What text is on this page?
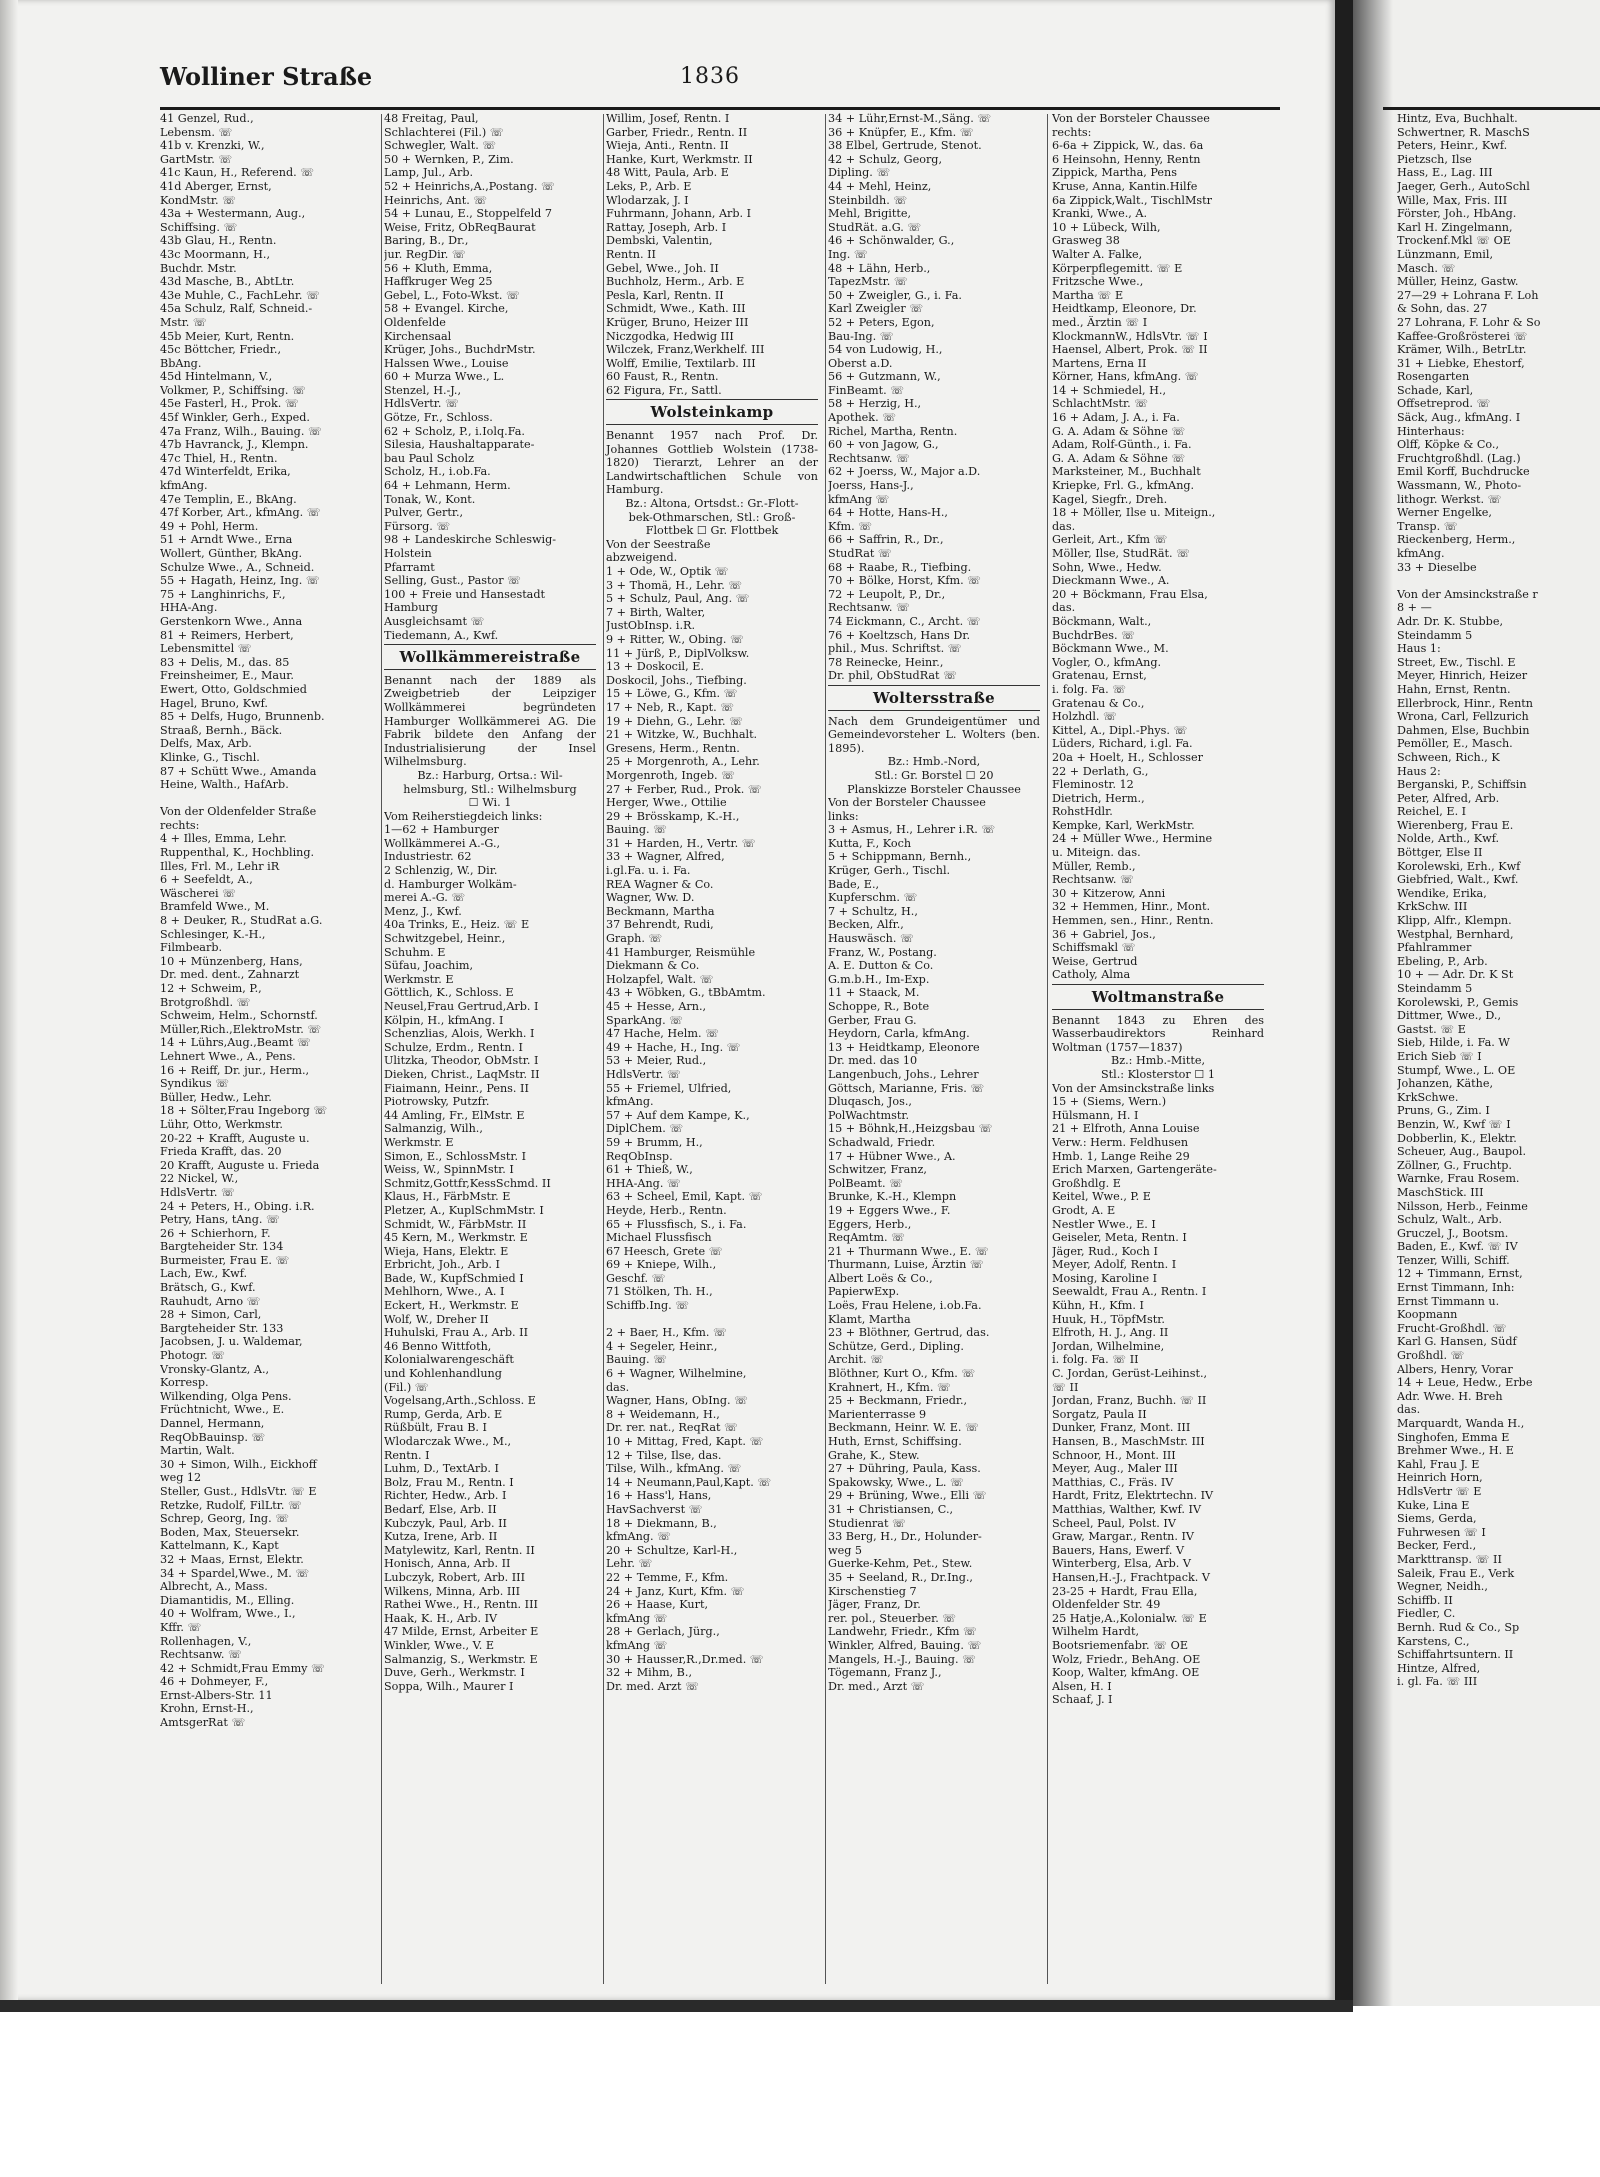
Wolliner Straße	1836
41 Genzel, Rud.,
Lebensm. ☏
41b v. Krenzki, W.,
GartMstr. ☏
41c Kaun, H., Referend. ☏
41d Aberger, Ernst,
KondMstr. ☏
43a + Westermann, Aug.,
Schiffsing. ☏
43b Glau, H., Rentn.
43c Moormann, H.,
Buchdr. Mstr.
43d Masche, B., AbtLtr.
43e Muhle, C., FachLehr. ☏
45a Schulz, Ralf, Schneid.-
Mstr. ☏
45b Meier, Kurt, Rentn.
45c Böttcher, Friedr.,
BbAng.
45d Hintelmann, V.,
Volkmer, P., Schiffsing. ☏
45e Fasterl, H., Prok. ☏
45f Winkler, Gerh., Exped.
47a Franz, Wilh., Bauing. ☏
47b Havranck, J., Klempn.
47c Thiel, H., Rentn.
47d Winterfeldt, Erika,
kfmAng.
47e Templin, E., BkAng.
47f Korber, Art., kfmAng. ☏
49 + Pohl, Herm.
51 + Arndt Wwe., Erna
Wollert, Günther, BkAng.
Schulze Wwe., A., Schneid.
55 + Hagath, Heinz, Ing. ☏
75 + Langhinrichs, F.,
HHA-Ang.
Gerstenkorn Wwe., Anna
81 + Reimers, Herbert,
Lebensmittel ☏
83 + Delis, M., das. 85
Freinsheimer, E., Maur.
Ewert, Otto, Goldschmied
Hagel, Bruno, Kwf.
85 + Delfs, Hugo, Brunnenb.
Straaß, Bernh., Bäck.
Delfs, Max, Arb.
Klinke, G., Tischl.
87 + Schütt Wwe., Amanda
Heine, Walth., HafArb.

Von der Oldenfelder Straße
rechts:
4 + Illes, Emma, Lehr.
Ruppenthal, K., Hochbling.
Illes, Frl. M., Lehr iR
6 + Seefeldt, A.,
Wäscherei ☏
Bramfeld Wwe., M.
8 + Deuker, R., StudRat a.G.
Schlesinger, K.-H.,
Filmbearb.
10 + Münzenberg, Hans,
Dr. med. dent., Zahnarzt
12 + Schweim, P.,
Brotgroßhdl. ☏
Schweim, Helm., Schornstf.
Müller,Rich.,ElektroMstr. ☏
14 + Lührs,Aug.,Beamt ☏
Lehnert Wwe., A., Pens.
16 + Reiff, Dr. jur., Herm.,
Syndikus ☏
Büller, Hedw., Lehr.
18 + Sölter,Frau Ingeborg ☏
Lühr, Otto, Werkmstr.
20-22 + Krafft, Auguste u.
Frieda Krafft, das. 20
20 Krafft, Auguste u. Frieda
22 Nickel, W.,
HdlsVertr. ☏
24 + Peters, H., Obing. i.R.
Petry, Hans, tAng. ☏
26 + Schierhorn, F.
Bargteheider Str. 134
Burmeister, Frau E. ☏
Lach, Ew., Kwf.
Brätsch, G., Kwf.
Rauhudt, Arno ☏
28 + Simon, Carl,
Bargteheider Str. 133
Jacobsen, J. u. Waldemar,
Photogr. ☏
Vronsky-Glantz, A.,
Korresp.
Wilkending, Olga Pens.
Früchtnicht, Wwe., E.
Dannel, Hermann,
ReqObBauinsp. ☏
Martin, Walt.
30 + Simon, Wilh., Eickhoff
weg 12
Steller, Gust., HdlsVtr. ☏ E
Retzke, Rudolf, FilLtr. ☏
Schrep, Georg, Ing. ☏
Boden, Max, Steuersekr.
Kattelmann, K., Kapt
32 + Maas, Ernst, Elektr.
34 + Spardel,Wwe., M. ☏
Albrecht, A., Mass.
Diamantidis, M., Elling.
40 + Wolfram, Wwe., I.,
Kffr. ☏
Rollenhagen, V.,
Rechtsanw. ☏
42 + Schmidt,Frau Emmy ☏
46 + Dohmeyer, F.,
Ernst-Albers-Str. 11
Krohn, Ernst-H.,
AmtsgerRat ☏
48 Freitag, Paul,
Schlachterei (Fil.) ☏
Schwegler, Walt. ☏
50 + Wernken, P., Zim.
Lamp, Jul., Arb.
52 + Heinrichs,A.,Postang. ☏
Heinrichs, Ant. ☏
54 + Lunau, E., Stoppelfeld 7
Weise, Fritz, ObReqBaurat
Baring, B., Dr.,
jur. RegDir. ☏
56 + Kluth, Emma,
Haffkruger Weg 25
Gebel, L., Foto-Wkst. ☏
58 + Evangel. Kirche,
Oldenfelde
Kirchensaal
Krüger, Johs., BuchdrMstr.
Halssen Wwe., Louise
60 + Murza Wwe., L.
Stenzel, H.-J.,
HdlsVertr. ☏
Götze, Fr., Schloss.
62 + Scholz, P., i.Iolq.Fa.
Silesia, Haushaltapparate-
bau Paul Scholz
Scholz, H., i.ob.Fa.
64 + Lehmann, Herm.
Tonak, W., Kont.
Pulver, Gertr.,
Fürsorg. ☏
98 + Landeskirche Schleswig-
Holstein
Pfarramt
Selling, Gust., Pastor ☏
100 + Freie und Hansestadt
Hamburg
Ausgleichsamt ☏
Tiedemann, A., Kwf.
Wollkämmereistraße
Benannt nach der 1889 als Zweigbetrieb der Leipziger Wollkämmerei begründeten Hamburger Wollkämmerei AG. Die Fabrik bildete den Anfang der Industrialisierung der Insel Wilhelmsburg.
Bz.: Harburg, Ortsa.: Wil-
helmsburg, Stl.: Wilhelmsburg
☐ Wi. 1
Vom Reiherstiegdeich links:
1—62 + Hamburger
Wollkämmerei A.-G.,
Industriestr. 62
2 Schlenzig, W., Dir.
d. Hamburger Wolkäm-
merei A.-G. ☏
Menz, J., Kwf.
40a Trinks, E., Heiz. ☏ E
Schwitzgebel, Heinr.,
Schuhm. E
Süfau, Joachim,
Werkmstr. E
Göttlich, K., Schloss. E
Neusel,Frau Gertrud,Arb. I
Kölpin, H., kfmAng. I
Schenzlias, Alois, Werkh. I
Schulze, Erdm., Rentn. I
Ulitzka, Theodor, ObMstr. I
Dieken, Christ., LaqMstr. II
Fiaimann, Heinr., Pens. II
Piotrowsky, Putzfr.
44 Amling, Fr., ElMstr. E
Salmanzig, Wilh.,
Werkmstr. E
Simon, E., SchlossMstr. I
Weiss, W., SpinnMstr. I
Schmitz,Gottfr,KessSchmd. II
Klaus, H., FärbMstr. E
Pletzer, A., KuplSchmMstr. I
Schmidt, W., FärbMstr. II
45 Kern, M., Werkmstr. E
Wieja, Hans, Elektr. E
Erbricht, Joh., Arb. I
Bade, W., KupfSchmied I
Mehlhorn, Wwe., A. I
Eckert, H., Werkmstr. E
Wolf, W., Dreher II
Huhulski, Frau A., Arb. II
46 Benno Wittfoth,
Kolonialwarengeschäft
und Kohlenhandlung
(Fil.) ☏
Vogelsang,Arth.,Schloss. E
Rump, Gerda, Arb. E
Rüßbült, Frau B. I
Wlodarczak Wwe., M.,
Rentn. I
Luhm, D., TextArb. I
Bolz, Frau M., Rentn. I
Richter, Hedw., Arb. I
Bedarf, Else, Arb. II
Kubczyk, Paul, Arb. II
Kutza, Irene, Arb. II
Matylewitz, Karl, Rentn. II
Honisch, Anna, Arb. II
Lubczyk, Robert, Arb. III
Wilkens, Minna, Arb. III
Rathei Wwe., H., Rentn. III
Haak, K. H., Arb. IV
47 Milde, Ernst, Arbeiter E
Winkler, Wwe., V. E
Salmanzig, S., Werkmstr. E
Duve, Gerh., Werkmstr. I
Soppa, Wilh., Maurer I
Willim, Josef, Rentn. I
Garber, Friedr., Rentn. II
Wieja, Anti., Rentn. II
Hanke, Kurt, Werkmstr. II
48 Witt, Paula, Arb. E
Leks, P., Arb. E
Wlodarzak, J. I
Fuhrmann, Johann, Arb. I
Rattay, Joseph, Arb. I
Dembski, Valentin,
Rentn. II
Gebel, Wwe., Joh. II
Buchholz, Herm., Arb. E
Pesla, Karl, Rentn. II
Schmidt, Wwe., Kath. III
Krüger, Bruno, Heizer III
Niczgodka, Hedwig III
Wilczek, Franz,Werkhelf. III
Wolff, Emilie, Textilarb. III
60 Faust, R., Rentn.
62 Figura, Fr., Sattl.
Wolsteinkamp
Benannt 1957 nach Prof. Dr. Johannes Gottlieb Wolstein (1738-1820) Tierarzt, Lehrer an der Landwirtschaftlichen Schule von Hamburg.
Bz.: Altona, Ortsdst.: Gr.-Flott-
bek-Othmarschen, Stl.: Groß-
Flottbek ☐ Gr. Flottbek
Von der Seestraße
abzweigend.
1 + Ode, W., Optik ☏
3 + Thomä, H., Lehr. ☏
5 + Schulz, Paul, Ang. ☏
7 + Birth, Walter,
JustObInsp. i.R.
9 + Ritter, W., Obing. ☏
11 + Jürß, P., DiplVolksw.
13 + Doskocil, E.
Doskocil, Johs., Tiefbing.
15 + Löwe, G., Kfm. ☏
17 + Neb, R., Kapt. ☏
19 + Diehn, G., Lehr. ☏
21 + Witzke, W., Buchhalt.
Gresens, Herm., Rentn.
25 + Morgenroth, A., Lehr.
Morgenroth, Ingeb. ☏
27 + Ferber, Rud., Prok. ☏
Herger, Wwe., Ottilie
29 + Brösskamp, K.-H.,
Bauing. ☏
31 + Harden, H., Vertr. ☏
33 + Wagner, Alfred,
i.gl.Fa. u. i. Fa.
REA Wagner & Co.
Wagner, Ww. D.
Beckmann, Martha
37 Behrendt, Rudi,
Graph. ☏
41 Hamburger, Reismühle
Diekmann & Co.
Holzapfel, Walt. ☏
43 + Wöbken, G., tBbAmtm.
45 + Hesse, Arn.,
SparkAng. ☏
47 Hache, Helm. ☏
49 + Hache, H., Ing. ☏
53 + Meier, Rud.,
HdlsVertr. ☏
55 + Friemel, Ulfried,
kfmAng.
57 + Auf dem Kampe, K.,
DiplChem. ☏
59 + Brumm, H.,
ReqObInsp.
61 + Thieß, W.,
HHA-Ang. ☏
63 + Scheel, Emil, Kapt. ☏
Heyde, Herb., Rentn.
65 + Flussfisch, S., i. Fa.
Michael Flussfisch
67 Heesch, Grete ☏
69 + Kniepe, Wilh.,
Geschf. ☏
71 Stölken, Th. H.,
Schiffb.Ing. ☏

2 + Baer, H., Kfm. ☏
4 + Segeler, Heinr.,
Bauing. ☏
6 + Wagner, Wilhelmine,
das.
Wagner, Hans, ObIng. ☏
8 + Weidemann, H.,
Dr. rer. nat., ReqRat ☏
10 + Mittag, Fred, Kapt. ☏
12 + Tilse, Ilse, das.
Tilse, Wilh., kfmAng. ☏
14 + Neumann,Paul,Kapt. ☏
16 + Hass'l, Hans,
HavSachverst ☏
18 + Diekmann, B.,
kfmAng. ☏
20 + Schultze, Karl-H.,
Lehr. ☏
22 + Temme, F., Kfm.
24 + Janz, Kurt, Kfm. ☏
26 + Haase, Kurt,
kfmAng ☏
28 + Gerlach, Jürg.,
kfmAng ☏
30 + Hausser,R.,Dr.med. ☏
32 + Mihm, B.,
Dr. med. Arzt ☏
34 + Lühr,Ernst-M.,Säng. ☏
36 + Knüpfer, E., Kfm. ☏
38 Elbel, Gertrude, Stenot.
42 + Schulz, Georg,
Dipling. ☏
44 + Mehl, Heinz,
Steinbildh. ☏
Mehl, Brigitte,
StudRät. a.G. ☏
46 + Schönwalder, G.,
Ing. ☏
48 + Lähn, Herb.,
TapezMstr. ☏
50 + Zweigler, G., i. Fa.
Karl Zweigler ☏
52 + Peters, Egon,
Bau-Ing. ☏
54 von Ludowig, H.,
Oberst a.D.
56 + Gutzmann, W.,
FinBeamt. ☏
58 + Herzig, H.,
Apothek. ☏
Richel, Martha, Rentn.
60 + von Jagow, G.,
Rechtsanw. ☏
62 + Joerss, W., Major a.D.
Joerss, Hans-J.,
kfmAng ☏
64 + Hotte, Hans-H.,
Kfm. ☏
66 + Saffrin, R., Dr.,
StudRat ☏
68 + Raabe, R., Tiefbing.
70 + Bölke, Horst, Kfm. ☏
72 + Leupolt, P., Dr.,
Rechtsanw. ☏
74 Eickmann, C., Archt. ☏
76 + Koeltzsch, Hans Dr.
phil., Mus. Schriftst. ☏
78 Reinecke, Heinr.,
Dr. phil, ObStudRat ☏
Woltersstraße
Nach dem Grundeigentümer und Gemeindevorsteher L. Wolters (ben. 1895).
Bz.: Hmb.-Nord,
Stl.: Gr. Borstel ☐ 20
Planskizze Borsteler Chaussee
Von der Borsteler Chaussee
links:
3 + Asmus, H., Lehrer i.R. ☏
Kutta, F., Koch
5 + Schippmann, Bernh.,
Krüger, Gerh., Tischl.
Bade, E.,
Kupferschm. ☏
7 + Schultz, H.,
Becken, Alfr.,
Hauswäsch. ☏
Franz, W., Postang.
A. E. Dutton & Co.
G.m.b.H., Im-Exp.
11 + Staack, M.
Schoppe, R., Bote
Gerber, Frau G.
Heydorn, Carla, kfmAng.
13 + Heidtkamp, Eleonore
Dr. med. das 10
Langenbuch, Johs., Lehrer
Göttsch, Marianne, Fris. ☏
Dluqasch, Jos.,
PolWachtmstr.
15 + Böhnk,H.,Heizgsbau ☏
Schadwald, Friedr.
17 + Hübner Wwe., A.
Schwitzer, Franz,
PolBeamt. ☏
Brunke, K.-H., Klempn
19 + Eggers Wwe., F.
Eggers, Herb.,
ReqAmtm. ☏
21 + Thurmann Wwe., E. ☏
Thurmann, Luise, Ärztin ☏
Albert Loës & Co.,
PapierwExp.
Loës, Frau Helene, i.ob.Fa.
Klamt, Martha
23 + Blöthner, Gertrud, das.
Schütze, Gerd., Dipling.
Archit. ☏
Blöthner, Kurt O., Kfm. ☏
Krahnert, H., Kfm. ☏
25 + Beckmann, Friedr.,
Marienterrasse 9
Beckmann, Heinr. W. E. ☏
Huth, Ernst, Schiffsing.
Grahe, K., Stew.
27 + Dühring, Paula, Kass.
Spakowsky, Wwe., L. ☏
29 + Brüning, Wwe., Elli ☏
31 + Christiansen, C.,
Studienrat ☏
33 Berg, H., Dr., Holunder-
weg 5
Guerke-Kehm, Pet., Stew.
35 + Seeland, R., Dr.Ing.,
Kirschenstieg 7
Jäger, Franz, Dr.
rer. pol., Steuerber. ☏
Landwehr, Friedr., Kfm ☏
Winkler, Alfred, Bauing. ☏
Mangels, H.-J., Bauing. ☏
Tögemann, Franz J.,
Dr. med., Arzt ☏
Von der Borsteler Chaussee
rechts:
6-6a + Zippick, W., das. 6a
6 Heinsohn, Henny, Rentn
Zippick, Martha, Pens
Kruse, Anna, Kantin.Hilfe
6a Zippick,Walt., TischlMstr
Kranki, Wwe., A.
10 + Lübeck, Wilh,
Grasweg 38
Walter A. Falke,
Körperpflegemitt. ☏ E
Fritzsche Wwe.,
Martha ☏ E
Heidtkamp, Eleonore, Dr.
med., Ärztin ☏ I
KlockmannW., HdlsVtr. ☏ I
Haensel, Albert, Prok. ☏ II
Martens, Erna II
Körner, Hans, kfmAng. ☏
14 + Schmiedel, H.,
SchlachtMstr. ☏
16 + Adam, J. A., i. Fa.
G. A. Adam & Söhne ☏
Adam, Rolf-Günth., i. Fa.
G. A. Adam & Söhne ☏
Marksteiner, M., Buchhalt
Kriepke, Frl. G., kfmAng.
Kagel, Siegfr., Dreh.
18 + Möller, Ilse u. Miteign.,
das.
Gerleit, Art., Kfm ☏
Möller, Ilse, StudRät. ☏
Sohn, Wwe., Hedw.
Dieckmann Wwe., A.
20 + Böckmann, Frau Elsa,
das.
Böckmann, Walt.,
BuchdrBes. ☏
Böckmann Wwe., M.
Vogler, O., kfmAng.
Gratenau, Ernst,
i. folg. Fa. ☏
Gratenau & Co.,
Holzhdl. ☏
Kittel, A., Dipl.-Phys. ☏
Lüders, Richard, i.gl. Fa.
20a + Hoelt, H., Schlosser
22 + Derlath, G.,
Fleminostr. 12
Dietrich, Herm.,
RohstHdlr.
Kempke, Karl, WerkMstr.
24 + Müller Wwe., Hermine
u. Miteign. das.
Müller, Remb.,
Rechtsanw. ☏
30 + Kitzerow, Anni
32 + Hemmen, Hinr., Mont.
Hemmen, sen., Hinr., Rentn.
36 + Gabriel, Jos.,
Schiffsmakl ☏
Weise, Gertrud
Catholy, Alma
Woltmanstraße
Benannt 1843 zu Ehren des Wasserbaudirektors Reinhard Woltman (1757—1837)
Bz.: Hmb.-Mitte,
Stl.: Klosterstor ☐ 1
Von der Amsinckstraße links
15 + (Siems, Wern.)
Hülsmann, H. I
21 + Elfroth, Anna Louise
Verw.: Herm. Feldhusen
Hmb. 1, Lange Reihe 29
Erich Marxen, Gartengeräte-
Großhdlg. E
Keitel, Wwe., P. E
Grodt, A. E
Nestler Wwe., E. I
Geiseler, Meta, Rentn. I
Jäger, Rud., Koch I
Meyer, Adolf, Rentn. I
Mosing, Karoline I
Seewaldt, Frau A., Rentn. I
Kühn, H., Kfm. I
Huuk, H., TöpfMstr.
Elfroth, H. J., Ang. II
Jordan, Wilhelmine,
i. folg. Fa. ☏ II
C. Jordan, Gerüst-Leihinst.,
☏ II
Jordan, Franz, Buchh. ☏ II
Sorgatz, Paula II
Dunker, Franz, Mont. III
Hansen, B., MaschMstr. III
Schnoor, H., Mont. III
Meyer, Aug., Maler III
Matthias, C., Fräs. IV
Hardt, Fritz, Elektrtechn. IV
Matthias, Walther, Kwf. IV
Scheel, Paul, Polst. IV
Graw, Margar., Rentn. IV
Bauers, Hans, Ewerf. V
Winterberg, Elsa, Arb. V
Hansen,H.-J., Frachtpack. V
23-25 + Hardt, Frau Ella,
Oldenfelder Str. 49
25 Hatje,A.,Kolonialw. ☏ E
Wilhelm Hardt,
Bootsriemenfabr. ☏ OE
Wolz, Friedr., BehAng. OE
Koop, Walter, kfmAng. OE
Alsen, H. I
Schaaf, J. I
Hintz, Eva, Buchhalt.
Schwertner, R. MaschS
Peters, Heinr., Kwf.
Pietzsch, Ilse
Hass, E., Lag. III
Jaeger, Gerh., AutoSchl
Wille, Max, Fris. III
Förster, Joh., HbAng.
Karl H. Zingelmann,
Trockenf.Mkl ☏ OE
Lünzmann, Emil,
Masch. ☏
Müller, Heinz, Gastw.
27—29 + Lohrana F. Loh
& Sohn, das. 27
27 Lohrana, F. Lohr & So
Kaffee-Großrösterei ☏
Krämer, Wilh., BetrLtr.
31 + Liebke, Ehestorf,
Rosengarten
Schade, Karl,
Offsetreprod. ☏
Säck, Aug., kfmAng. I
Hinterhaus:
Olff, Köpke & Co.,
Fruchtgroßhdl. (Lag.)
Emil Korff, Buchdrucke
Wassmann, W., Photo-
lithogr. Werkst. ☏
Werner Engelke,
Transp. ☏
Rieckenberg, Herm.,
kfmAng.
33 + Dieselbe

Von der Amsinckstraße r
8 + —
Adr. Dr. K. Stubbe,
Steindamm 5
Haus 1:
Street, Ew., Tischl. E
Meyer, Hinrich, Heizer
Hahn, Ernst, Rentn.
Ellerbrock, Hinr., Rentn
Wrona, Carl, Fellzurich
Dahmen, Else, Buchbin
Pemöller, E., Masch.
Schween, Rich., K
Haus 2:
Berganski, P., Schiffsin
Peter, Alfred, Arb.
Reichel, E. I
Wierenberg, Frau E.
Nolde, Arth., Kwf.
Böttger, Else II
Korolewski, Erh., Kwf
Giebfried, Walt., Kwf.
Wendike, Erika,
KrkSchw. III
Klipp, Alfr., Klempn.
Westphal, Bernhard,
Pfahlrammer
Ebeling, P., Arb.
10 + — Adr. Dr. K St
Steindamm 5
Korolewski, P., Gemis
Dittmer, Wwe., D.,
Gastst. ☏ E
Sieb, Hilde, i. Fa. W
Erich Sieb ☏ I
Stumpf, Wwe., L. OE
Johanzen, Käthe,
KrkSchwe.
Pruns, G., Zim. I
Benzin, W., Kwf ☏ I
Dobberlin, K., Elektr.
Scheuer, Aug., Baupol.
Zöllner, G., Fruchtp.
Warnke, Frau Rosem.
MaschStick. III
Nilsson, Herb., Feinme
Schulz, Walt., Arb.
Gruczel, J., Bootsm.
Baden, E., Kwf. ☏ IV
Tenzer, Willi, Schiff.
12 + Timmann, Ernst,
Ernst Timmann, Inh:
Ernst Timmann u.
Koopmann
Frucht-Großhdl. ☏
Karl G. Hansen, Südf
Großhdl. ☏
Albers, Henry, Vorar
14 + Leue, Hedw., Erbe
Adr. Wwe. H. Breh
das.
Marquardt, Wanda H.,
Singhofen, Emma E
Brehmer Wwe., H. E
Kahl, Frau J. E
Heinrich Horn,
HdlsVertr ☏ E
Kuke, Lina E
Siems, Gerda,
Fuhrwesen ☏ I
Becker, Ferd.,
Markttransp. ☏ II
Saleik, Frau E., Verk
Wegner, Neidh.,
Schiffb. II
Fiedler, C.
Bernh. Rud & Co., Sp
Karstens, C.,
Schiffahrtsuntern. II
Hintze, Alfred,
i. gl. Fa. ☏ III
